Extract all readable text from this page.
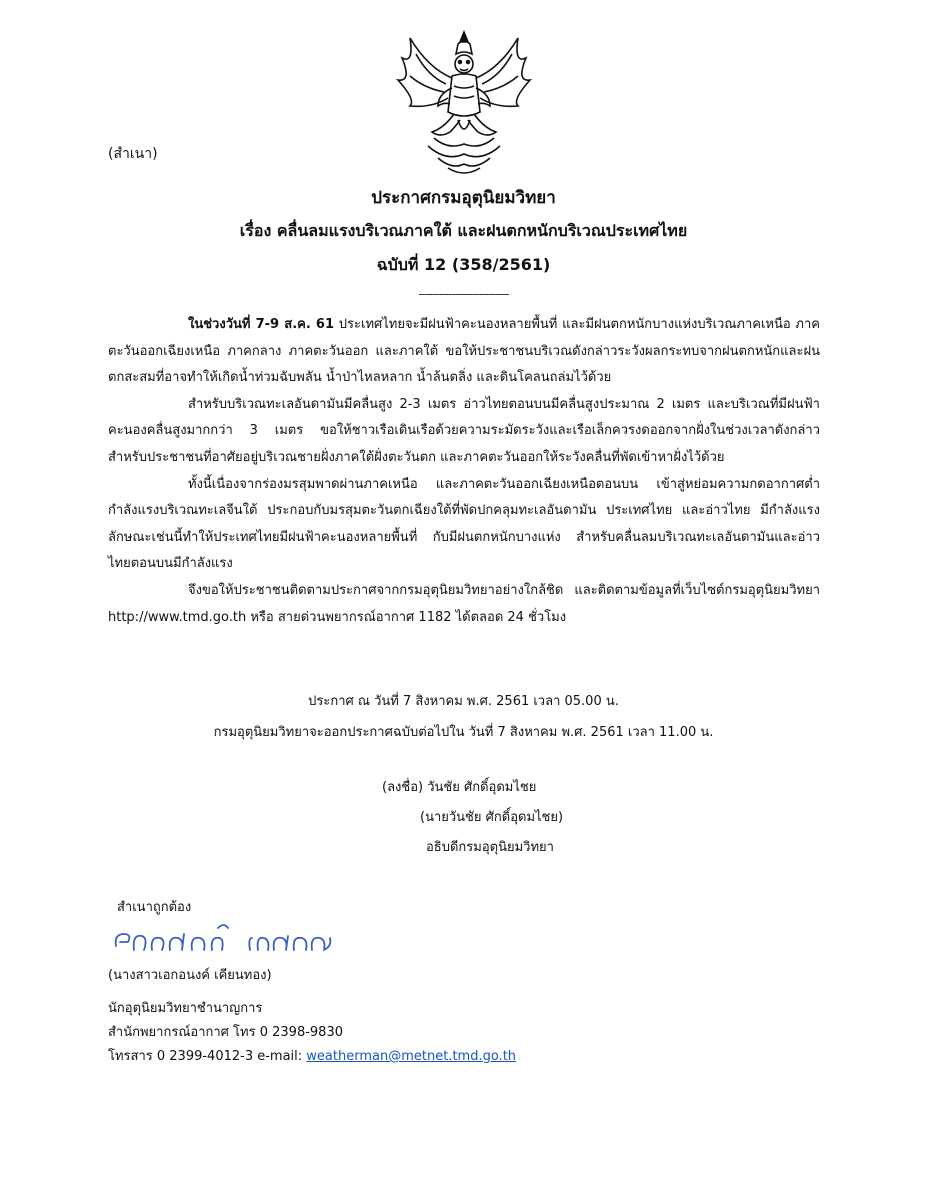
(สำเนา)
ประกาศกรมอุตุนิยมวิทยา
เรื่อง คลื่นลมแรงบริเวณภาคใต้ และฝนตกหนักบริเวณประเทศไทย
ฉบับที่ 12 (358/2561)
---------------------------

ในช่วงวันที่ 7-9 ส.ค. 61 ประเทศไทยจะมีฝนฟ้าคะนองหลายพื้นที่ และมีฝนตกหนักบางแห่งบริเวณภาคเหนือ ภาคตะวันออกเฉียงเหนือ ภาคกลาง ภาคตะวันออก และภาคใต้ ขอให้ประชาชนบริเวณดังกล่าวระวังผลกระทบจากฝนตกหนักและฝนตกสะสมที่อาจทำให้เกิดน้ำท่วมฉับพลัน น้ำป่าไหลหลาก น้ำล้นตลิ่ง และดินโคลนถล่มไว้ด้วย

สำหรับบริเวณทะเลอันดามันมีคลื่นสูง 2-3 เมตร อ่าวไทยตอนบนมีคลื่นสูงประมาณ 2 เมตร และบริเวณที่มีฝนฟ้าคะนองคลื่นสูงมากกว่า 3 เมตร ขอให้ชาวเรือเดินเรือด้วยความระมัดระวังและเรือเล็กควรงดออกจากฝั่งในช่วงเวลาดังกล่าว สำหรับประชาชนที่อาศัยอยู่บริเวณชายฝั่งภาคใต้ฝั่งตะวันตก และภาคตะวันออกให้ระวังคลื่นที่พัดเข้าหาฝั่งไว้ด้วย

ทั้งนี้เนื่องจากร่องมรสุมพาดผ่านภาคเหนือ และภาคตะวันออกเฉียงเหนือตอนบน เข้าสู่หย่อมความกดอากาศต่ำกำลังแรงบริเวณทะเลจีนใต้ ประกอบกับมรสุมตะวันตกเฉียงใต้ที่พัดปกคลุมทะเลอันดามัน ประเทศไทย และอ่าวไทย มีกำลังแรง ลักษณะเช่นนี้ทำให้ประเทศไทยมีฝนฟ้าคะนองหลายพื้นที่ กับมีฝนตกหนักบางแห่ง สำหรับคลื่นลมบริเวณทะเลอันดามันและอ่าวไทยตอนบนมีกำลังแรง

จึงขอให้ประชาชนติดตามประกาศจากกรมอุตุนิยมวิทยาอย่างใกล้ชิด และติดตามข้อมูลที่เว็บไซต์กรมอุตุนิยมวิทยา http://www.tmd.go.th หรือ สายด่วนพยากรณ์อากาศ 1182 ได้ตลอด 24 ชั่วโมง

ประกาศ ณ วันที่ 7 สิงหาคม พ.ศ. 2561 เวลา 05.00 น.
กรมอุตุนิยมวิทยาจะออกประกาศฉบับต่อไปใน วันที่ 7 สิงหาคม พ.ศ. 2561 เวลา 11.00 น.
(ลงชื่อ) วันชัย ศักดิ์อุดมไชย
(นายวันชัย ศักดิ์อุดมไชย)
อธิบดีกรมอุตุนิยมวิทยา
สำเนาถูกต้อง
(นางสาวเอกอนงค์ เคียนทอง)
นักอุตุนิยมวิทยาชำนาญการ
สำนักพยากรณ์อากาศ โทร 0 2398-9830
โทรสาร 0 2399-4012-3 e-mail: weatherman@metnet.tmd.go.th
